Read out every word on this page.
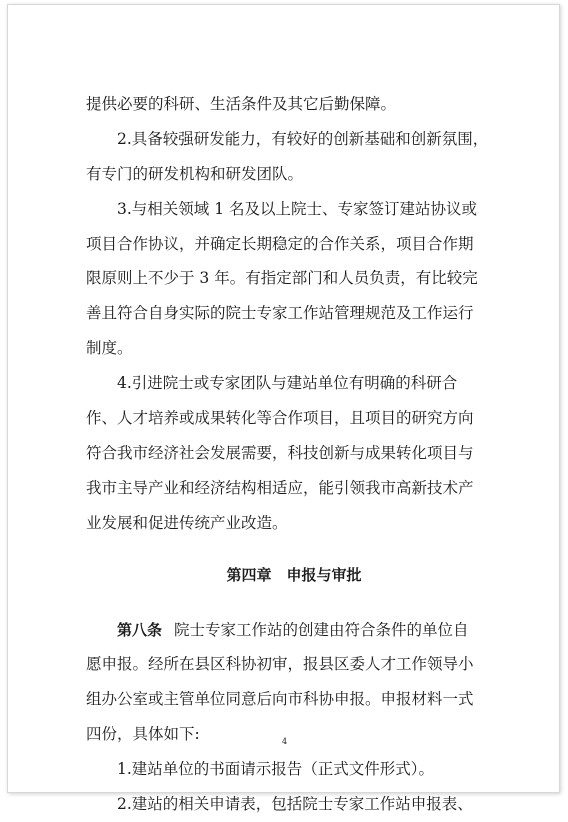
提供必要的科研、生活条件及其它后勤保障。
2.具备较强研发能力，有较好的创新基础和创新氛围，
有专门的研发机构和研发团队。
3.与相关领域 1 名及以上院士、专家签订建站协议或
项目合作协议，并确定长期稳定的合作关系，项目合作期
限原则上不少于 3 年。有指定部门和人员负责，有比较完
善且符合自身实际的院士专家工作站管理规范及工作运行
制度。
4.引进院士或专家团队与建站单位有明确的科研合
作、人才培养或成果转化等合作项目，且项目的研究方向
符合我市经济社会发展需要，科技创新与成果转化项目与
我市主导产业和经济结构相适应，能引领我市高新技术产
业发展和促进传统产业改造。
第四章　申报与审批
第八条 院士专家工作站的创建由符合条件的单位自
愿申报。经所在县区科协初审，报县区委人才工作领导小
组办公室或主管单位同意后向市科协申报。申报材料一式
四份，具体如下:
1.建站单位的书面请示报告（正式文件形式）。
2.建站的相关申请表，包括院士专家工作站申报表、
4
